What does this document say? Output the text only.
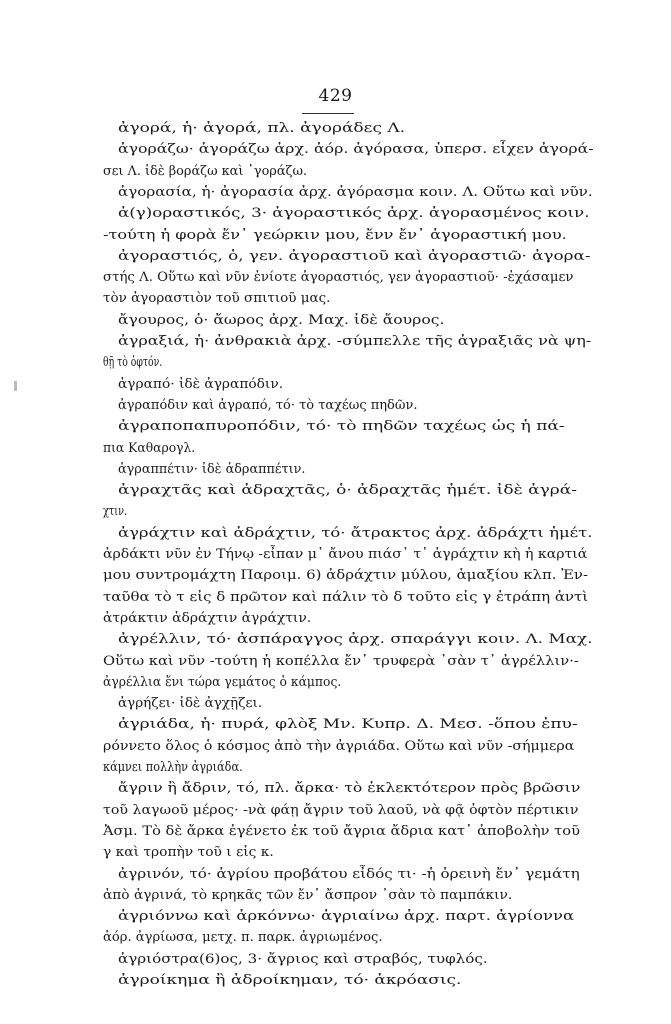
429
ἀγορά, ἡ· ἀγορά, πλ. ἀγοράδες Λ.
ἀγοράζω· ἀγοράζω ἀρχ. ἀόρ. ἀγόρασα, ὑπερσ. εἶχεν ἀγορά-
σει Λ. ἰδὲ βοράζω καὶ ᾽γοράζω.
ἀγορασία, ἡ· ἀγορασία ἀρχ. ἀγόρασμα κοιν. Λ. Οὕτω καὶ νῦν.
ἀ(γ)οραστικός, 3· ἀγοραστικός ἀρχ. ἀγορασμένος κοιν.
-τούτη ἡ φορὰ ἔν᾽ γεώρκιν μου, ἔνν ἔν᾽ ἀγοραστική μου.
ἀγοραστιός, ὁ, γεν. ἀγοραστιοῦ καὶ ἀγοραστιῶ· ἀγορα-
στής Λ. Οὕτω καὶ νῦν ἐνίοτε ἀγοραστιός, γεν ἀγοραστιοῦ· -ἐχάσαμεν
τὸν ἀγοραστιὸν τοῦ σπιτιοῦ μας.
ἄγουρος, ὁ· ἄωρος ἀρχ. Μαχ. ἰδὲ ἄουρος.
ἀγραξιά, ἡ· ἀνθρακιὰ ἀρχ. -σύμπελλε τῆς ἀγραξιᾶς νὰ ψη-
θῇ τὸ ὀφτόν.
ἀγραπό· ἰδὲ ἀγραπόδιν.
ἀγραπόδιν καὶ ἀγραπό, τό· τὸ ταχέως πηδῶν.
ἀγραποπαπυροπόδιν, τό· τὸ πηδῶν ταχέως ὡς ἡ πά-
πια Καθαρογλ.
ἀγραππέτιν· ἰδὲ ἀδραππέτιν.
ἀγραχτᾶς καὶ ἀδραχτᾶς, ὁ· ἀδραχτᾶς ἡμέτ. ἰδὲ ἀγρά-
χτιν.
ἀγράχτιν καὶ ἀδράχτιν, τό· ἄτρακτος ἀρχ. ἀδράχτι ἡμέτ.
ἀρδάκτι νῦν ἐν Τήνῳ -εἶπαν μ᾽ ἄνου πιάσ᾽ τ᾽ ἀγράχτιν κὴ ἡ καρτιά
μου συντρομάχτη Παροιμ. 6) ἀδράχτιν μύλου, ἁμαξίου κλπ. Ἐν-
ταῦθα τὸ τ εἰς δ πρῶτον καὶ πάλιν τὸ δ τοῦτο εἰς γ ἐτράπη ἀντὶ
ἀτράκτιν ἀδράχτιν ἀγράχτιν.
ἀγρέλλιν, τό· ἀσπάραγγος ἀρχ. σπαράγγι κοιν. Λ. Μαχ.
Οὕτω καὶ νῦν -τούτη ἡ κοπέλλα ἔν᾽ τρυφερὰ ᾽σὰν τ᾽ ἀγρέλλιν·-
ἀγρέλλια ἔνι τώρα γεμάτος ὁ κάμπος.
ἀγρήζει· ἰδὲ ἀγχῇζει.
ἀγριάδα, ἡ· πυρά, φλὸξ Μν. Κυπρ. Δ. Μεσ. -ὅπου ἐπυ-
ρόννετο ὅλος ὁ κόσμος ἀπὸ τὴν ἀγριάδα. Οὕτω καὶ νῦν -σήμμερα
κάμνει πολλὴν ἀγριάδα.
ἄγριν ἢ ἄδριν, τό, πλ. ἄρκα· τὸ ἐκλεκτότερον πρὸς βρῶσιν
τοῦ λαγωοῦ μέρος· -νὰ φάῃ ἄγριν τοῦ λαοῦ, νὰ φᾷ ὀφτὸν πέρτικιν
Ἀσμ. Τὸ δὲ ἄρκα ἐγένετο ἐκ τοῦ ἄγρια ἄδρια κατ᾽ ἀποβολὴν τοῦ
γ καὶ τροπὴν τοῦ ι εἰς κ.
ἀγρινόν, τό· ἀγρίου προβάτου εἶδός τι· -ἡ ὀρεινὴ ἔν᾽ γεμάτη
ἀπὸ ἀγρινά, τὸ κρηκᾶς τῶν ἔν᾽ ἄσπρον ᾽σὰν τὸ παμπάκιν.
ἀγριόννω καὶ ἀρκόννω· ἀγριαίνω ἀρχ. παρτ. ἀγρίοννα
ἀόρ. ἀγρίωσα, μετχ. π. παρκ. ἀγριωμένος.
ἀγριόστρα(6)ος, 3· ἄγριος καὶ στραβός, τυφλός.
ἀγροίκημα ἢ ἀδροίκημαν, τό· ἀκρόασις.
